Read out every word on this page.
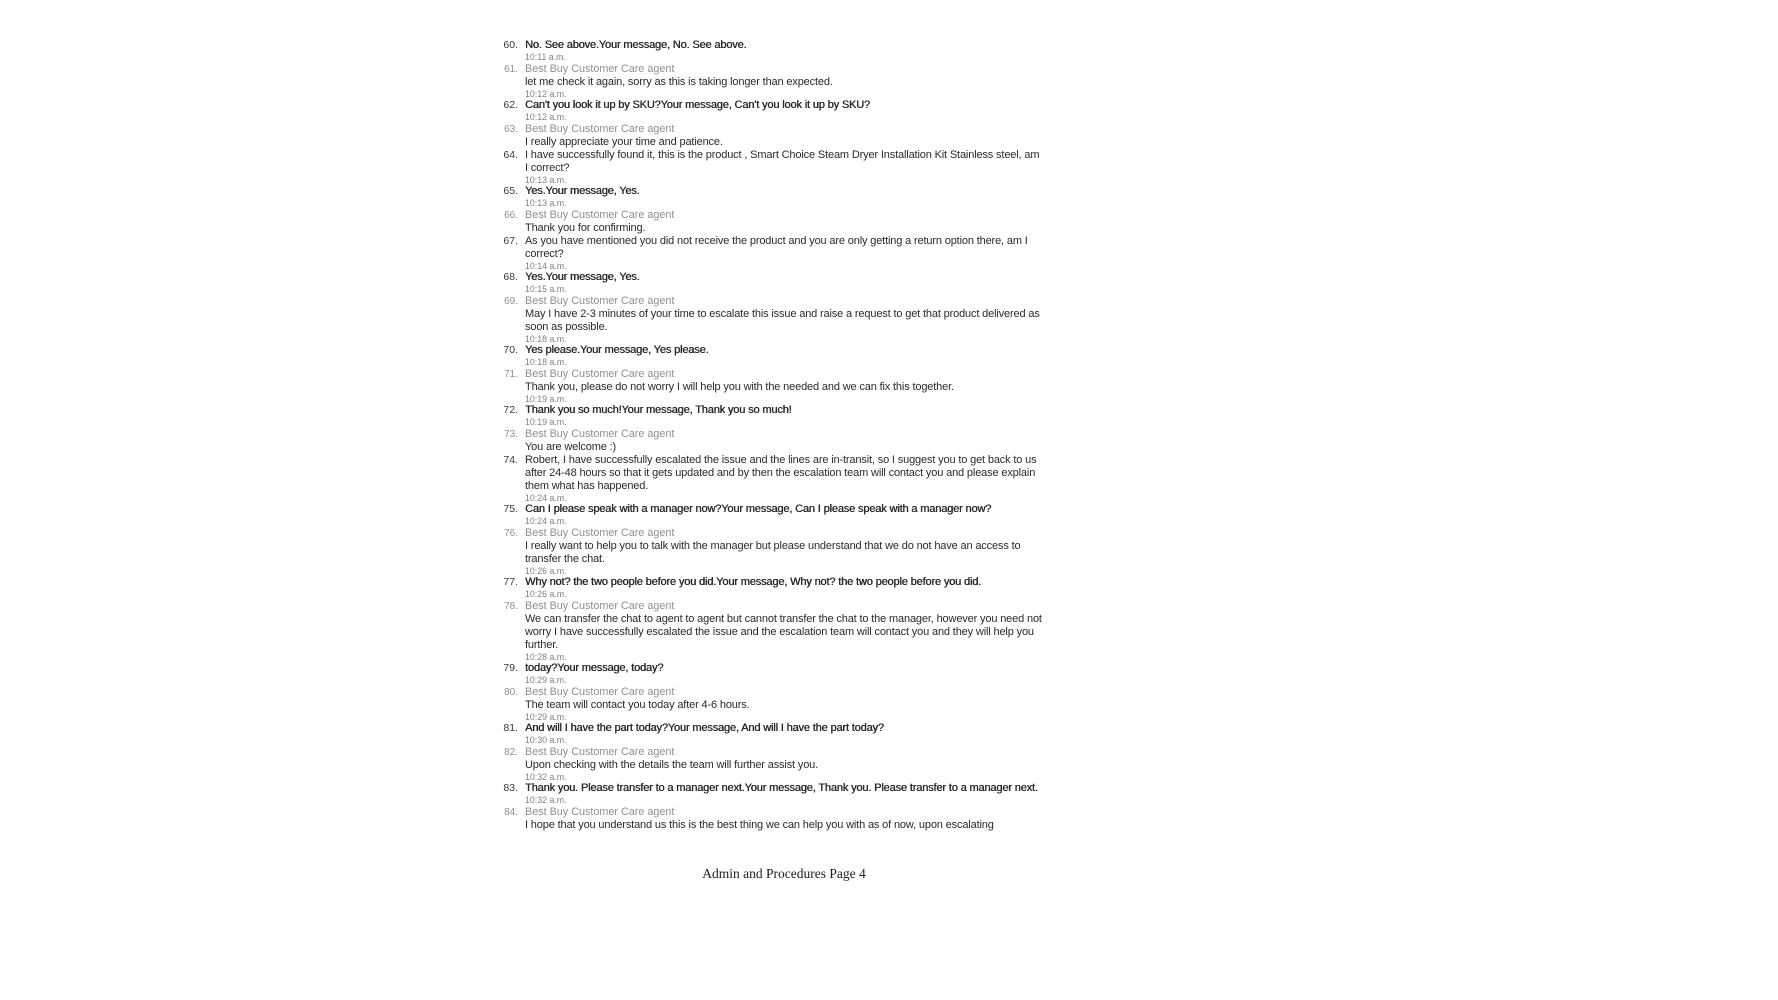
60. No. See above.Your message, No. See above.
10:11 a.m.
61. Best Buy Customer Care agent
let me check it again, sorry as this is taking longer than expected.
10:12 a.m.
62. Can't you look it up by SKU?Your message, Can't you look it up by SKU?
10:12 a.m.
63. Best Buy Customer Care agent
I really appreciate your time and patience.
64. I have successfully found it, this is the product , Smart Choice Steam Dryer Installation Kit Stainless steel, am I correct?
10:13 a.m.
65. Yes.Your message, Yes.
10:13 a.m.
66. Best Buy Customer Care agent
Thank you for confirming.
67. As you have mentioned you did not receive the product and you are only getting a return option there, am I correct?
10:14 a.m.
68. Yes.Your message, Yes.
10:15 a.m.
69. Best Buy Customer Care agent
May I have 2-3 minutes of your time to escalate this issue and raise a request to get that product delivered as soon as possible.
10:18 a.m.
70. Yes please.Your message, Yes please.
10:18 a.m.
71. Best Buy Customer Care agent
Thank you, please do not worry I will help you with the needed and we can fix this together.
10:19 a.m.
72. Thank you so much!Your message, Thank you so much!
10:19 a.m.
73. Best Buy Customer Care agent
You are welcome :)
74. Robert, I have successfully escalated the issue and the lines are in-transit, so I suggest you to get back to us after 24-48 hours so that it gets updated and by then the escalation team will contact you and please explain them what has happened.
10:24 a.m.
75. Can I please speak with a manager now?Your message, Can I please speak with a manager now?
10:24 a.m.
76. Best Buy Customer Care agent
I really want to help you to talk with the manager but please understand that we do not have an access to transfer the chat.
10:26 a.m.
77. Why not? the two people before you did.Your message, Why not? the two people before you did.
10:26 a.m.
78. Best Buy Customer Care agent
We can transfer the chat to agent to agent but cannot transfer the chat to the manager, however you need not worry I have successfully escalated the issue and the escalation team will contact you and they will help you further.
10:28 a.m.
79. today?Your message, today?
10:29 a.m.
80. Best Buy Customer Care agent
The team will contact you today after 4-6 hours.
10:29 a.m.
81. And will I have the part today?Your message, And will I have the part today?
10:30 a.m.
82. Best Buy Customer Care agent
Upon checking with the details the team will further assist you.
10:32 a.m.
83. Thank you. Please transfer to a manager next.Your message, Thank you. Please transfer to a manager next.
10:32 a.m.
84. Best Buy Customer Care agent
I hope that you understand us this is the best thing we can help you with as of now, upon escalating
Admin and Procedures Page 4
